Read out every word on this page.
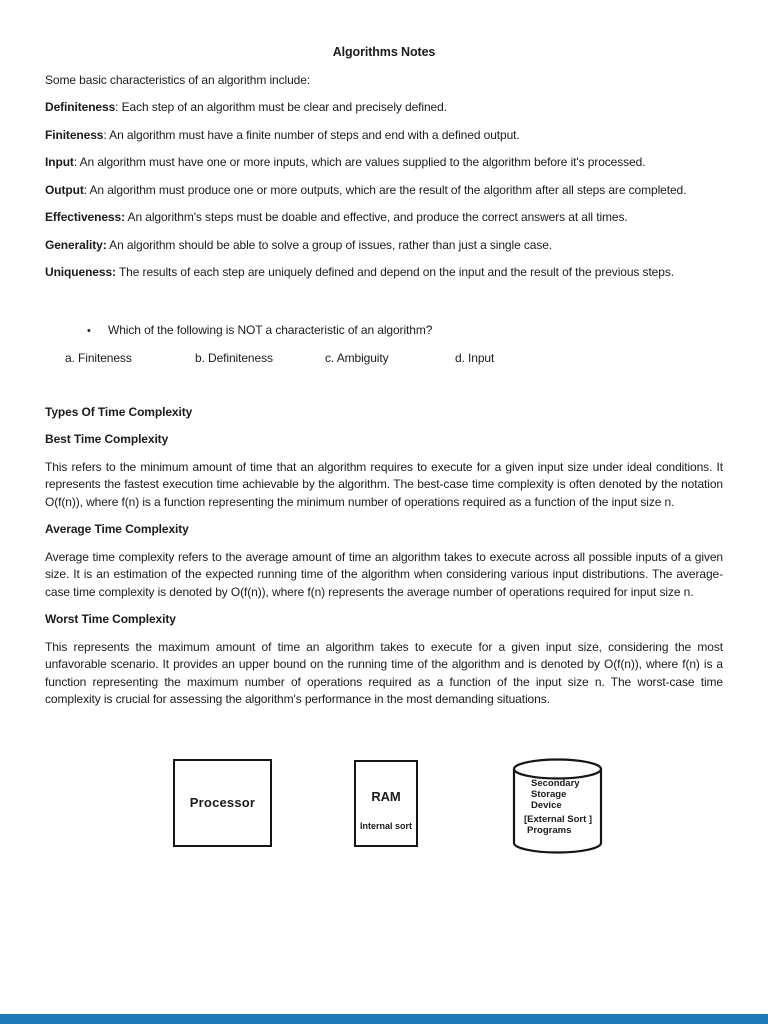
Algorithms Notes

Some basic characteristics of an algorithm include:

Definiteness: Each step of an algorithm must be clear and precisely defined.

Finiteness: An algorithm must have a finite number of steps and end with a defined output.

Input: An algorithm must have one or more inputs, which are values supplied to the algorithm before it's processed.

Output: An algorithm must produce one or more outputs, which are the result of the algorithm after all steps are completed.

Effectiveness: An algorithm's steps must be doable and effective, and produce the correct answers at all times.

Generality: An algorithm should be able to solve a group of issues, rather than just a single case.

Uniqueness: The results of each step are uniquely defined and depend on the input and the result of the previous steps.

• Which of the following is NOT a characteristic of an algorithm?

a. Finiteness	b. Definiteness	c. Ambiguity	d. Input

Types Of Time Complexity

Best Time Complexity

This refers to the minimum amount of time that an algorithm requires to execute for a given input size under ideal conditions. It represents the fastest execution time achievable by the algorithm. The best-case time complexity is often denoted by the notation O(f(n)), where f(n) is a function representing the minimum number of operations required as a function of the input size n.

Average Time Complexity

Average time complexity refers to the average amount of time an algorithm takes to execute across all possible inputs of a given size. It is an estimation of the expected running time of the algorithm when considering various input distributions. The average-case time complexity is denoted by O(f(n)), where f(n) represents the average number of operations required for input size n.

Worst Time Complexity

This represents the maximum amount of time an algorithm takes to execute for a given input size, considering the most unfavorable scenario. It provides an upper bound on the running time of the algorithm and is denoted by O(f(n)), where f(n) is a function representing the maximum number of operations required as a function of the input size n. The worst-case time complexity is crucial for assessing the algorithm's performance in the most demanding situations.

Processor	RAM
Internal sort
Secondary
Storage
Device
[External Sort ]
Programs
